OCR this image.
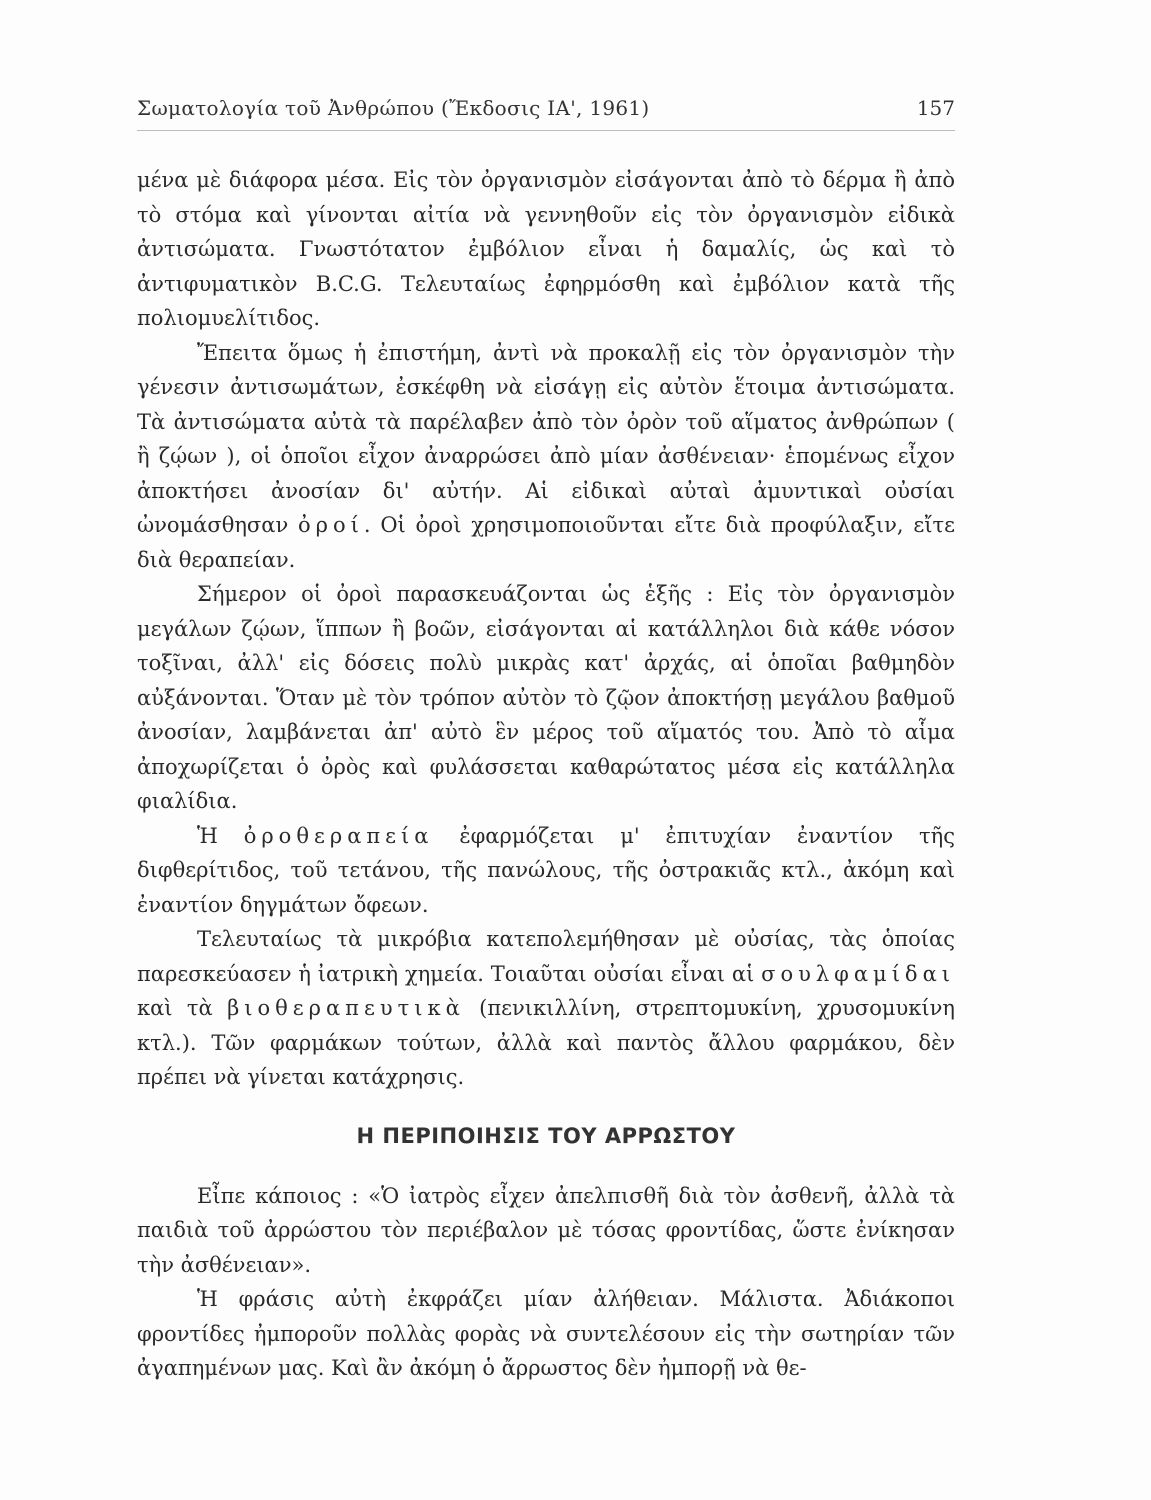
Σωματολογία τοῦ Ἀνθρώπου (Ἔκδοσις ΙΑ', 1961)	157

μένα μὲ διάφορα μέσα. Εἰς τὸν ὀργανισμὸν εἰσάγονται ἀπὸ τὸ δέρμα ἢ ἀπὸ τὸ στόμα καὶ γίνονται αἰτία νὰ γεννηθοῦν εἰς τὸν ὀργανισμὸν εἰδικὰ ἀντισώματα. Γνωστότατον ἐμβόλιον εἶναι ἡ δαμαλίς, ὡς καὶ τὸ ἀντιφυματικὸν B.C.G. Τελευταίως ἐφηρμόσθη καὶ ἐμβόλιον κατὰ τῆς πολιομυελίτιδος.

Ἔπειτα ὅμως ἡ ἐπιστήμη, ἀντὶ νὰ προκαλῇ εἰς τὸν ὀργανισμὸν τὴν γένεσιν ἀντισωμάτων, ἐσκέφθη νὰ εἰσάγῃ εἰς αὐτὸν ἕτοιμα ἀντισώματα. Τὰ ἀντισώματα αὐτὰ τὰ παρέλαβεν ἀπὸ τὸν ὀρὸν τοῦ αἵματος ἀνθρώπων ( ἢ ζῴων ), οἱ ὁποῖοι εἶχον ἀναρρώσει ἀπὸ μίαν ἀσθένειαν· ἑπομένως εἶχον ἀποκτήσει ἀνοσίαν δι' αὐτήν. Αἱ εἰδικαὶ αὐταὶ ἀμυντικαὶ οὐσίαι ὠνομάσθησαν ὀροί. Οἱ ὀροὶ χρησιμοποιοῦνται εἴτε διὰ προφύλαξιν, εἴτε διὰ θεραπείαν.

Σήμερον οἱ ὀροὶ παρασκευάζονται ὡς ἑξῆς : Εἰς τὸν ὀργανισμὸν μεγάλων ζῴων, ἵππων ἢ βοῶν, εἰσάγονται αἱ κατάλληλοι διὰ κάθε νόσον τοξῖναι, ἀλλ' εἰς δόσεις πολὺ μικρὰς κατ' ἀρχάς, αἱ ὁποῖαι βαθμηδὸν αὐξάνονται. Ὅταν μὲ τὸν τρόπον αὐτὸν τὸ ζῷον ἀποκτήσῃ μεγάλου βαθμοῦ ἀνοσίαν, λαμβάνεται ἀπ' αὐτὸ ἓν μέρος τοῦ αἵματός του. Ἀπὸ τὸ αἷμα ἀποχωρίζεται ὁ ὀρὸς καὶ φυλάσσεται καθαρώτατος μέσα εἰς κατάλληλα φιαλίδια.

Ἡ ὀροθεραπεία ἐφαρμόζεται μ' ἐπιτυχίαν ἐναντίον τῆς διφθερίτιδος, τοῦ τετάνου, τῆς πανώλους, τῆς ὀστρακιᾶς κτλ., ἀκόμη καὶ ἐναντίον δηγμάτων ὄφεων.

Τελευταίως τὰ μικρόβια κατεπολεμήθησαν μὲ οὐσίας, τὰς ὁποίας παρεσκεύασεν ἡ ἰατρικὴ χημεία. Τοιαῦται οὐσίαι εἶναι αἱ σουλφαμίδαι καὶ τὰ βιοθεραπευτικὰ (πενικιλλίνη, στρεπτομυκίνη, χρυσομυκίνη κτλ.). Τῶν φαρμάκων τούτων, ἀλλὰ καὶ παντὸς ἄλλου φαρμάκου, δὲν πρέπει νὰ γίνεται κατάχρησις.

Η ΠΕΡΙΠΟΙΗΣΙΣ ΤΟΥ ΑΡΡΩΣΤΟΥ

Εἶπε κάποιος : «Ὁ ἰατρὸς εἶχεν ἀπελπισθῆ διὰ τὸν ἀσθενῆ, ἀλλὰ τὰ παιδιὰ τοῦ ἀρρώστου τὸν περιέβαλον μὲ τόσας φροντίδας, ὥστε ἐνίκησαν τὴν ἀσθένειαν».

Ἡ φράσις αὐτὴ ἐκφράζει μίαν ἀλήθειαν. Μάλιστα. Ἀδιάκοποι φροντίδες ἠμποροῦν πολλὰς φορὰς νὰ συντελέσουν εἰς τὴν σωτηρίαν τῶν ἀγαπημένων μας. Καὶ ἂν ἀκόμη ὁ ἄρρωστος δὲν ἠμπορῇ νὰ θε-
